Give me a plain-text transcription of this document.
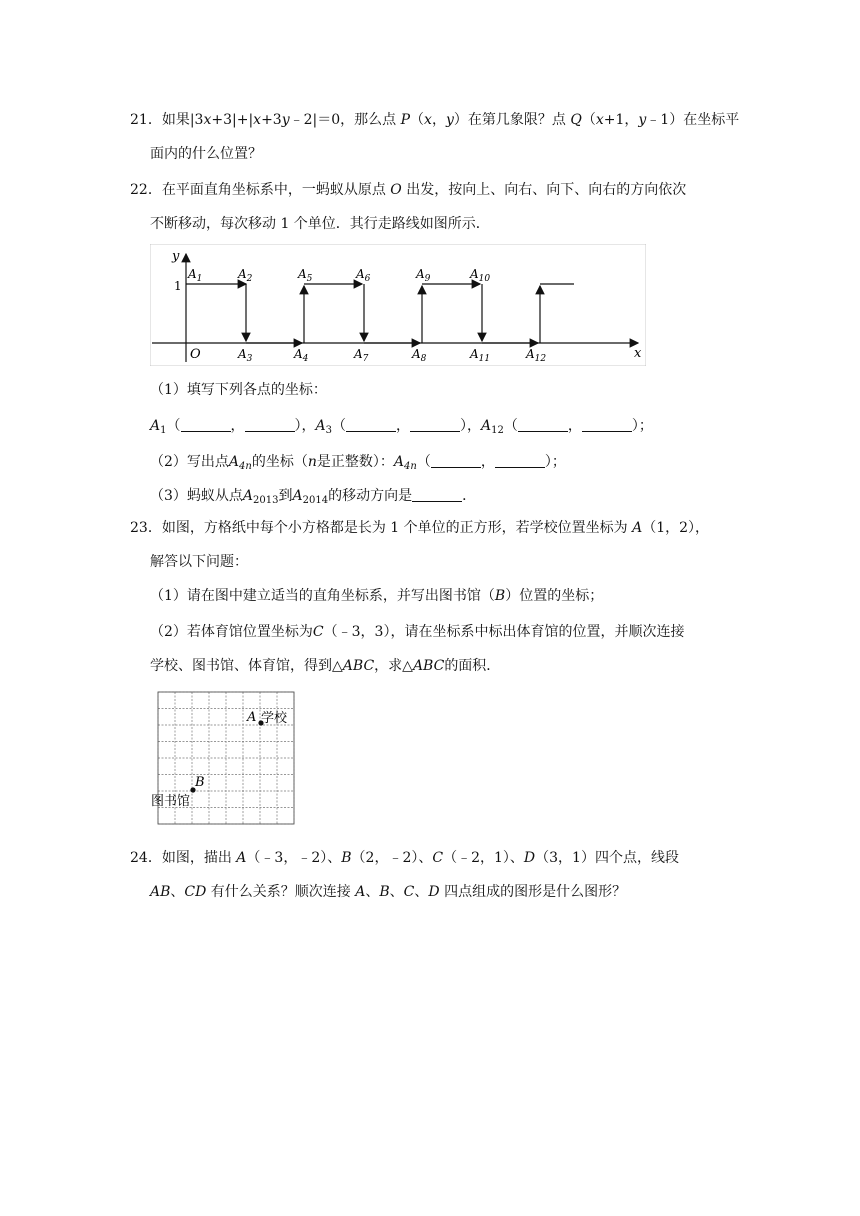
21．如果|3x+3|+|x+3y﹣2|＝0，那么点 P（x，y）在第几象限？点 Q（x+1，y﹣1）在坐标平
面内的什么位置？
22．在平面直角坐标系中，一蚂蚁从原点 O 出发，按向上、向右、向下、向右的方向依次
不断移动，每次移动 1 个单位．其行走路线如图所示．
y
x
O
1
$A_1$	$A_2$	$A_5$	$A_6$	$A_9$	$A_{10}$
$A_3$	$A_4$	$A_7$	$A_8$	$A_{11}$	$A_{12}$
（1）填写下列各点的坐标：
$A_1$（	，	），$A_3$（	，	），$A_{12}$（	，	）；
（2）写出点$A_{4n}$的坐标（n是正整数）：$A_{4n}$（	，	）；
（3）蚂蚁从点$A_{2013}$到$A_{2014}$的移动方向是	．
23．如图，方格纸中每个小方格都是长为 1 个单位的正方形，若学校位置坐标为 A（1，2），
解答以下问题：
（1）请在图中建立适当的直角坐标系，并写出图书馆（B）位置的坐标；
（2）若体育馆位置坐标为C（﹣3，3），请在坐标系中标出体育馆的位置，并顺次连接
学校、图书馆、体育馆，得到△ABC，求△ABC的面积．
A 学校
B
图书馆
24．如图，描出 A（﹣3，﹣2）、B（2，﹣2）、C（﹣2，1）、D（3，1）四个点，线段
AB、CD 有什么关系？顺次连接 A、B、C、D 四点组成的图形是什么图形？
